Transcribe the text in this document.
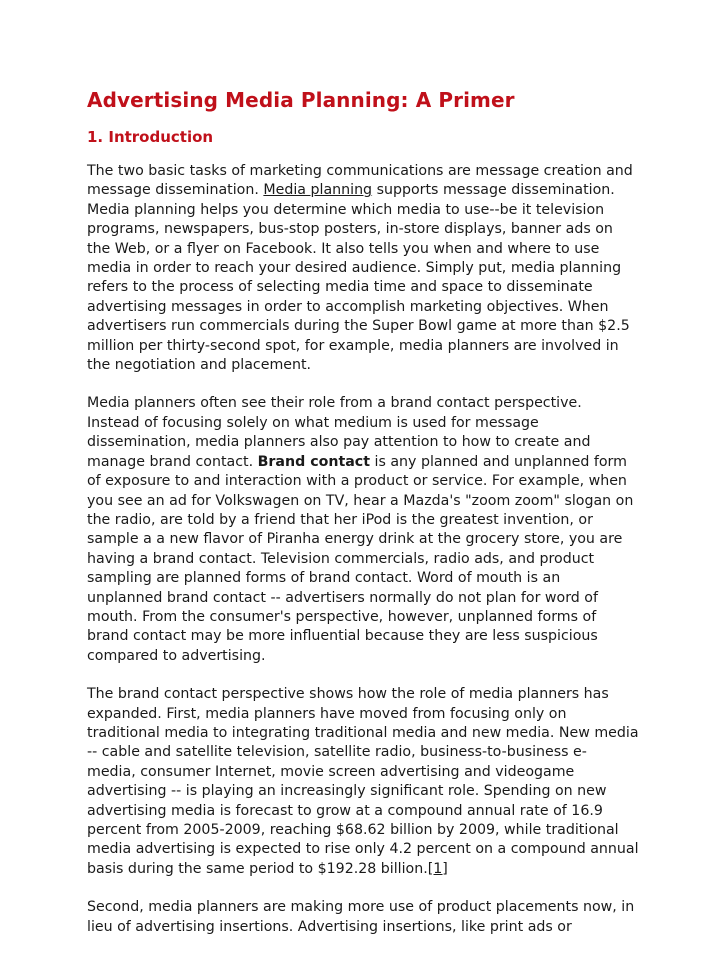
Advertising Media Planning: A Primer
1. Introduction

The two basic tasks of marketing communications are message creation and
message dissemination. Media planning supports message dissemination.
Media planning helps you determine which media to use--be it television
programs, newspapers, bus-stop posters, in-store displays, banner ads on
the Web, or a flyer on Facebook. It also tells you when and where to use
media in order to reach your desired audience. Simply put, media planning
refers to the process of selecting media time and space to disseminate
advertising messages in order to accomplish marketing objectives. When
advertisers run commercials during the Super Bowl game at more than $2.5
million per thirty-second spot, for example, media planners are involved in
the negotiation and placement.

Media planners often see their role from a brand contact perspective.
Instead of focusing solely on what medium is used for message
dissemination, media planners also pay attention to how to create and
manage brand contact. Brand contact is any planned and unplanned form
of exposure to and interaction with a product or service. For example, when
you see an ad for Volkswagen on TV, hear a Mazda's "zoom zoom" slogan on
the radio, are told by a friend that her iPod is the greatest invention, or
sample a a new flavor of Piranha energy drink at the grocery store, you are
having a brand contact. Television commercials, radio ads, and product
sampling are planned forms of brand contact. Word of mouth is an
unplanned brand contact -- advertisers normally do not plan for word of
mouth. From the consumer's perspective, however, unplanned forms of
brand contact may be more influential because they are less suspicious
compared to advertising.

The brand contact perspective shows how the role of media planners has
expanded. First, media planners have moved from focusing only on
traditional media to integrating traditional media and new media. New media
-- cable and satellite television, satellite radio, business-to-business e-
media, consumer Internet, movie screen advertising and videogame
advertising -- is playing an increasingly significant role. Spending on new
advertising media is forecast to grow at a compound annual rate of 16.9
percent from 2005-2009, reaching $68.62 billion by 2009, while traditional
media advertising is expected to rise only 4.2 percent on a compound annual
basis during the same period to $192.28 billion.[1]

Second, media planners are making more use of product placements now, in
lieu of advertising insertions. Advertising insertions, like print ads or
